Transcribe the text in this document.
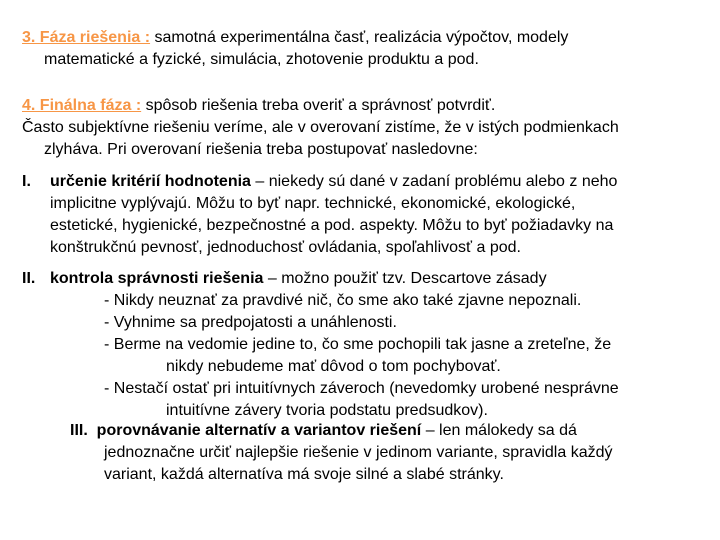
3. Fáza riešenia : samotná experimentálna časť, realizácia výpočtov, modely
matematické a fyzické, simulácia, zhotovenie produktu a pod.
4. Finálna fáza : spôsob riešenia treba overiť a správnosť potvrdiť.
Často subjektívne riešeniu veríme, ale v overovaní zistíme, že v istých podmienkach
zlyháva. Pri overovaní riešenia treba postupovať nasledovne:
I. určenie kritérií hodnotenia – niekedy sú dané v zadaní problému alebo z neho
implicitne vyplývajú. Môžu to byť napr. technické, ekonomické, ekologické,
estetické, hygienické, bezpečnostné a pod. aspekty. Môžu to byť požiadavky na
konštrukčnú pevnosť, jednoduchosť ovládania, spoľahlivosť a pod.
II. kontrola správnosti riešenia – možno použiť tzv. Descartove zásady
- Nikdy neuznať za pravdivé nič, čo sme ako také zjavne nepoznali.
- Vyhnime sa predpojatosti a unáhlenosti.
- Berme na vedomie jedine to, čo sme pochopili tak jasne a zreteľne, že
nikdy nebudeme mať dôvod o tom pochybovať.
- Nestačí ostať pri intuitívnych záveroch (nevedomky urobené nesprávne
intuitívne závery tvoria podstatu predsudkov).
III. porovnávanie alternatív a variantov riešení – len málokedy sa dá
jednoznačne určiť najlepšie riešenie v jedinom variante, spravidla každý
variant, každá alternatíva má svoje silné a slabé stránky.
